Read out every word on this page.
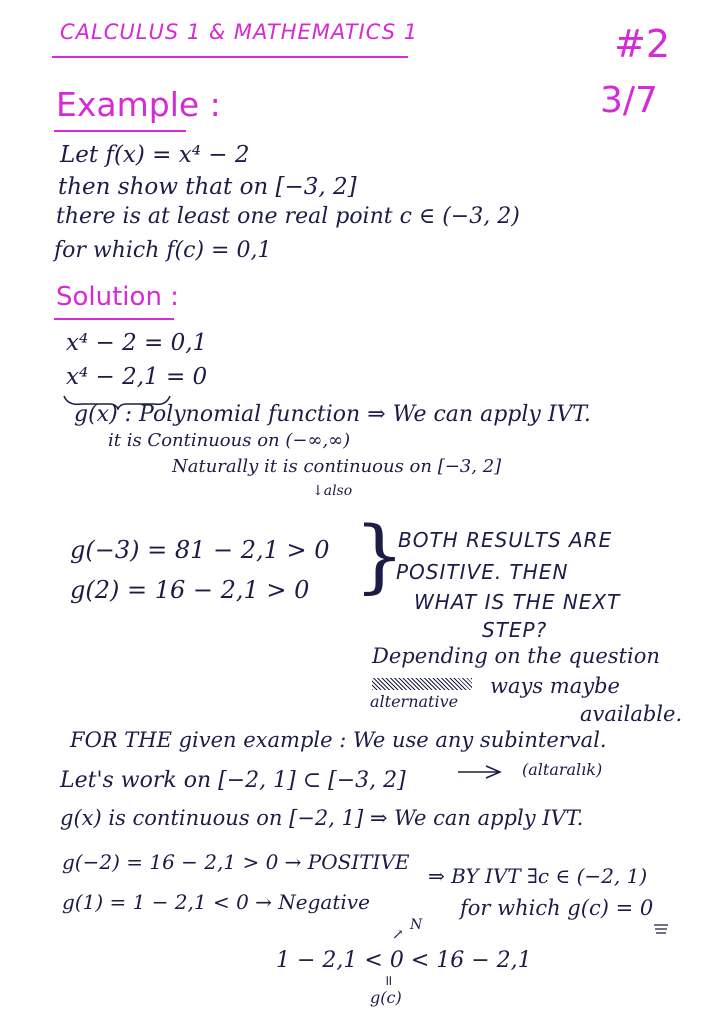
CALCULUS 1 & MATHEMATICS 1	#2
3/7
Example :
Let f(x) = x⁴ − 2
then show that on [−3, 2]
there is at least one real point c ∈ (−3, 2)
for which f(c) = 0,1
Solution :
x⁴ − 2 = 0,1
x⁴ − 2,1 = 0
g(x) : Polynomial function ⇒ We can apply IVT.
it is Continuous on (−∞,∞)
Naturally it is continuous on [−3, 2]
↓also
g(−3) = 81 − 2,1 > 0
g(2) = 16 − 2,1 > 0 }
BOTH RESULTS ARE
POSITIVE. THEN
WHAT IS THE NEXT
STEP?
Depending on the question
ways maybe
alternative
available.
FOR THE given example : We use any subinterval.
Let's work on [−2, 1] ⊂ [−3, 2]	(altaralık)
g(x) is continuous on [−2, 1] ⇒ We can apply IVT.
g(−2) = 16 − 2,1 > 0 → POSITIVE
g(1) = 1 − 2,1 < 0 → Negative
⇒ BY IVT ∃c ∈ (−2, 1)
for which g(c) = 0
N
↗
1 − 2,1 < 0 < 16 − 2,1
॥
g(c)
